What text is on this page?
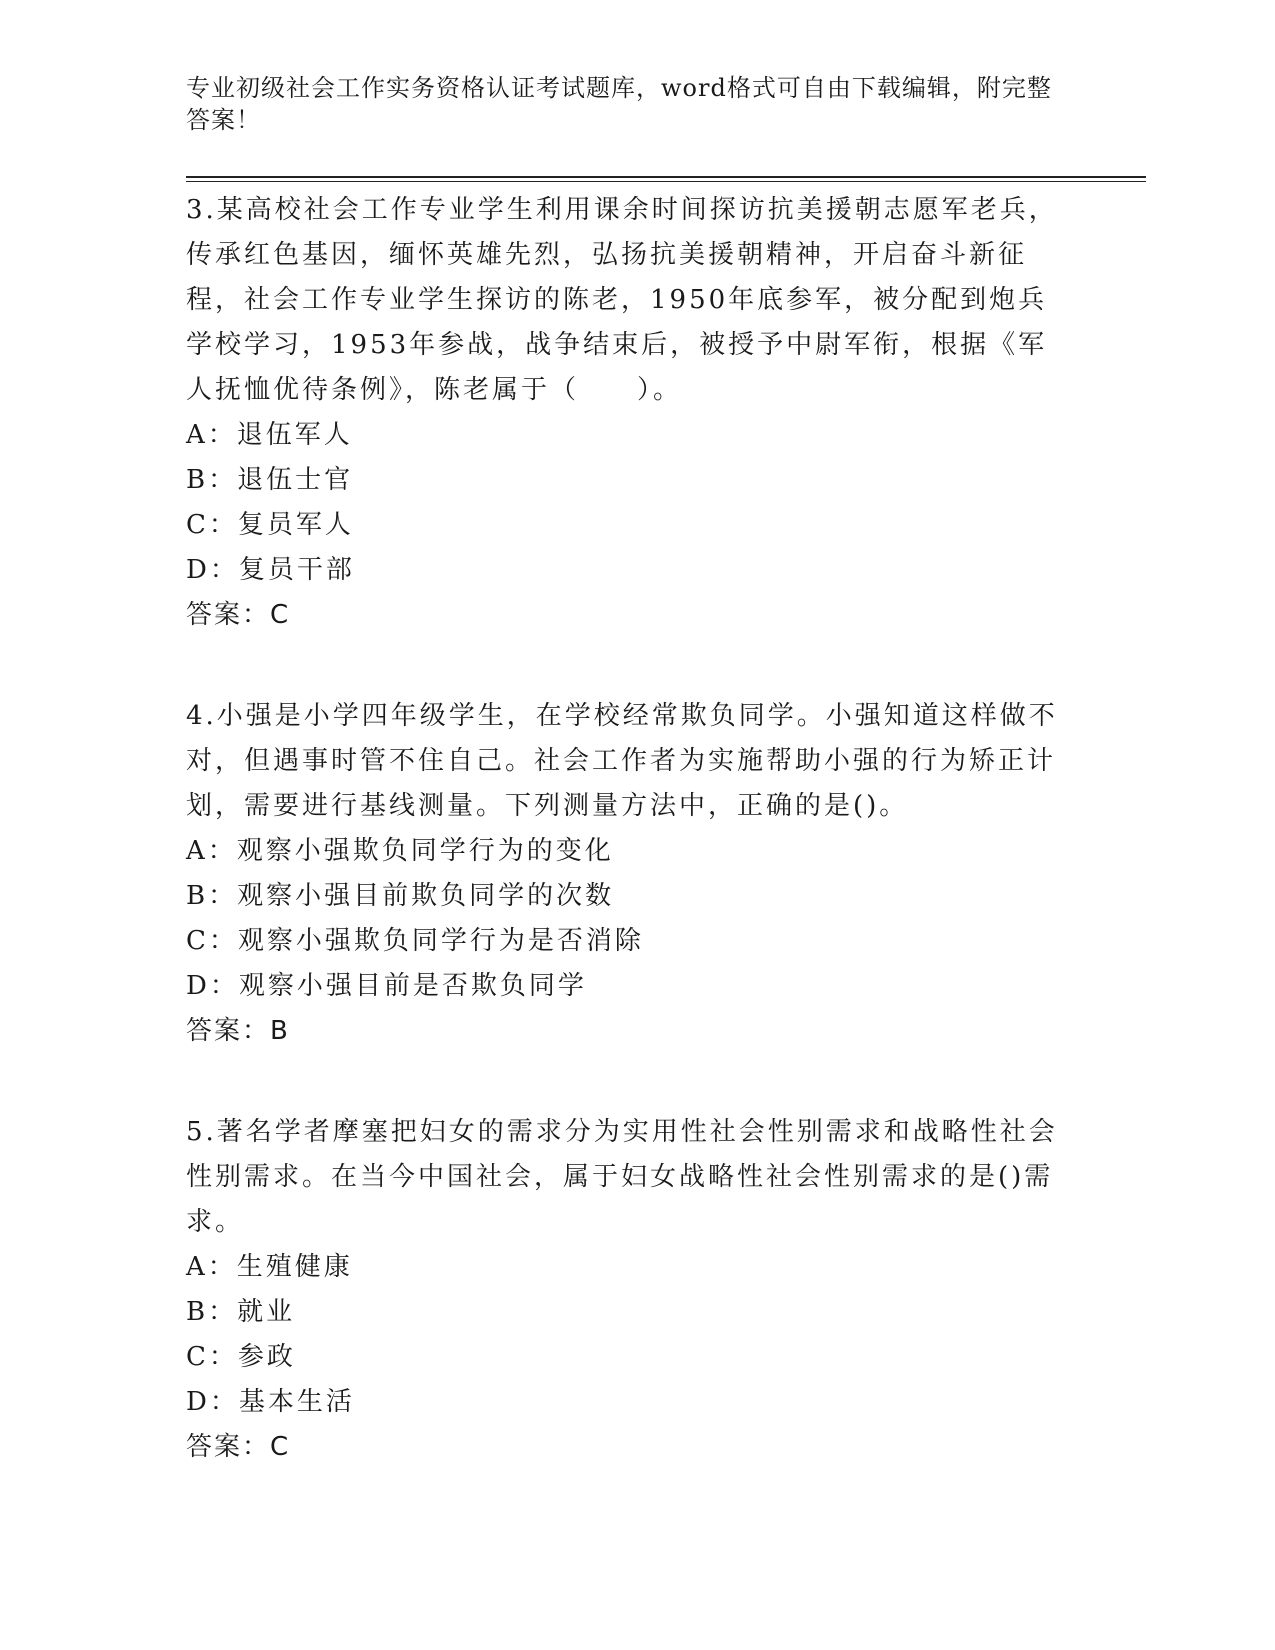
专业初级社会工作实务资格认证考试题库，word格式可自由下载编辑，附完整答案！

3.某高校社会工作专业学生利用课余时间探访抗美援朝志愿军老兵，传承红色基因，缅怀英雄先烈，弘扬抗美援朝精神，开启奋斗新征程，社会工作专业学生探访的陈老，1950年底参军，被分配到炮兵学校学习，1953年参战，战争结束后，被授予中尉军衔，根据《军人抚恤优待条例》，陈老属于（　　）。

A：退伍军人
B：退伍士官
C：复员军人
D：复员干部

答案：C

4.小强是小学四年级学生，在学校经常欺负同学。小强知道这样做不对，但遇事时管不住自己。社会工作者为实施帮助小强的行为矫正计划，需要进行基线测量。下列测量方法中，正确的是()。

A：观察小强欺负同学行为的变化
B：观察小强目前欺负同学的次数
C：观察小强欺负同学行为是否消除
D：观察小强目前是否欺负同学

答案：B

5.著名学者摩塞把妇女的需求分为实用性社会性别需求和战略性社会性别需求。在当今中国社会，属于妇女战略性社会性别需求的是()需求。

A：生殖健康
B：就业
C：参政
D：基本生活

答案：C
